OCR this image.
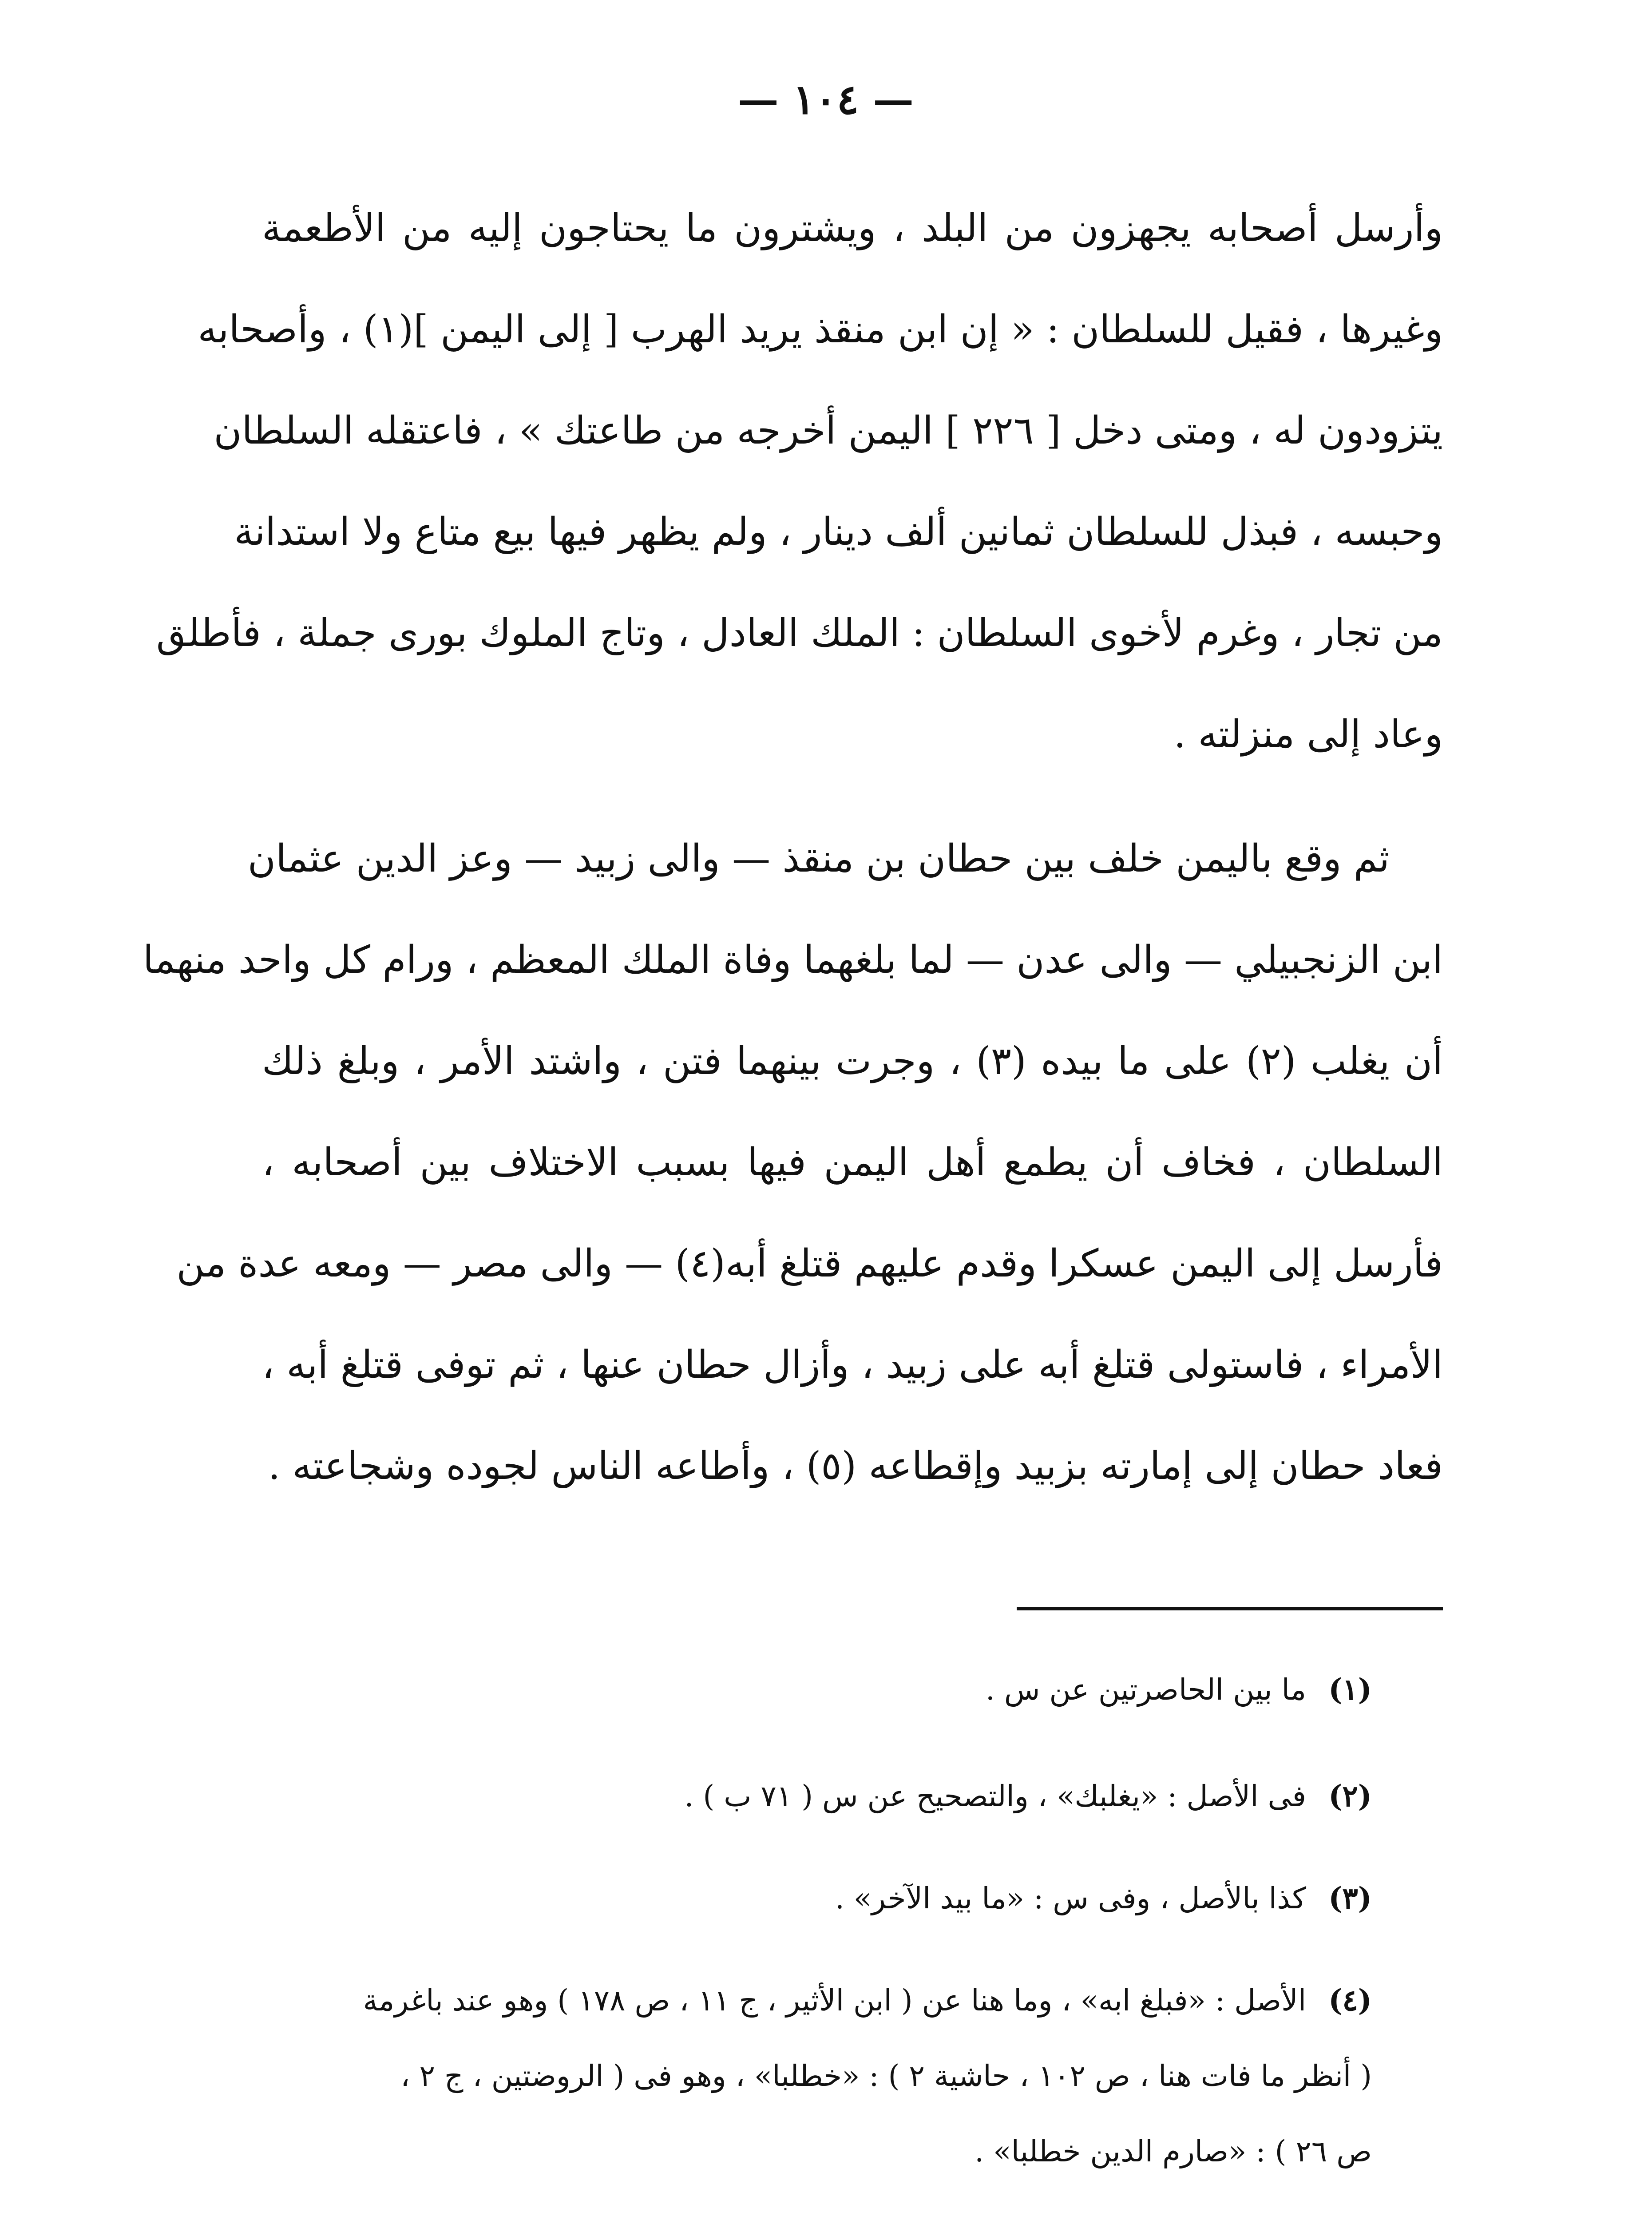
— ١٠٤ —
وأرسل أصحابه يجهزون من البلد ، ويشترون ما يحتاجون إليه من الأطعمة
وغيرها ، فقيل للسلطان : « إن ابن منقذ يريد الهرب [ إلى اليمن ](١) ، وأصحابه
يتزودون له ، ومتى دخل [ ٢٢٦ ] اليمن أخرجه من طاعتك » ، فاعتقله السلطان
وحبسه ، فبذل للسلطان ثمانين ألف دينار ، ولم يظهر فيها بيع متاع ولا استدانة
من تجار ، وغرم لأخوى السلطان : الملك العادل ، وتاج الملوك بورى جملة ، فأطلق
وعاد إلى منزلته .
ثم وقع باليمن خلف بين حطان بن منقذ — والى زبيد — وعز الدين عثمان
ابن الزنجبيلي — والى عدن — لما بلغهما وفاة الملك المعظم ، ورام كل واحد منهما
أن يغلب (٢) على ما بيده (٣) ، وجرت بينهما فتن ، واشتد الأمر ، وبلغ ذلك
السلطان ، فخاف أن يطمع أهل اليمن فيها بسبب الاختلاف بين أصحابه ،
فأرسل إلى اليمن عسكرا وقدم عليهم قتلغ أبه(٤) — والى مصر — ومعه عدة من
الأمراء ، فاستولى قتلغ أبه على زبيد ، وأزال حطان عنها ، ثم توفى قتلغ أبه ،
فعاد حطان إلى إمارته بزبيد وإقطاعه (٥) ، وأطاعه الناس لجوده وشجاعته .
(١)ما بين الحاصرتين عن س .
(٢)فى الأصل : «يغلبك» ، والتصحيح عن س ( ٧١ ب ) .
(٣)كذا بالأصل ، وفى س : «ما بيد الآخر» .
(٤)الأصل : «فبلغ ابه» ، وما هنا عن ( ابن الأثير ، ج ١١ ، ص ١٧٨ ) وهو عند باغرمة
( أنظر ما فات هنا ، ص ١٠٢ ، حاشية ٢ ) : «خطلبا» ، وهو فى ( الروضتين ، ج ٢ ،
ص ٢٦ ) : «صارم الدين خطلبا» .
